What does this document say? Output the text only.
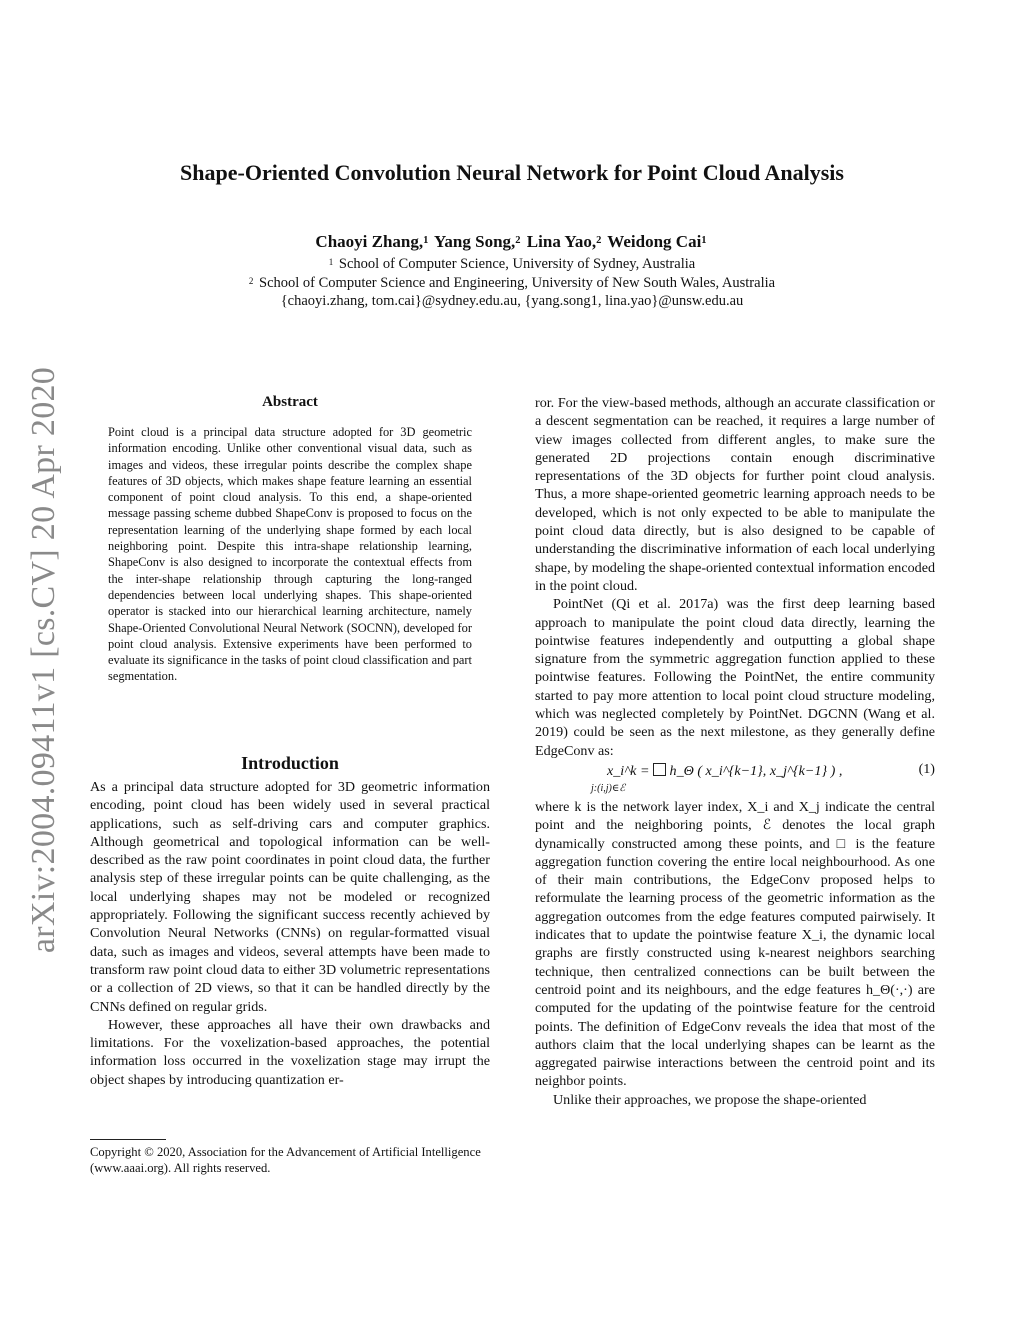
arXiv:2004.09411v1 [cs.CV] 20 Apr 2020
Shape-Oriented Convolution Neural Network for Point Cloud Analysis
Chaoyi Zhang,$^1$ Yang Song,$^2$ Lina Yao,$^2$ Weidong Cai$^1$
$^1$ School of Computer Science, University of Sydney, Australia
$^2$ School of Computer Science and Engineering, University of New South Wales, Australia
{chaoyi.zhang, tom.cai}@sydney.edu.au, {yang.song1, lina.yao}@unsw.edu.au
Abstract
Point cloud is a principal data structure adopted for 3D geometric information encoding. Unlike other conventional visual data, such as images and videos, these irregular points describe the complex shape features of 3D objects, which makes shape feature learning an essential component of point cloud analysis. To this end, a shape-oriented message passing scheme dubbed ShapeConv is proposed to focus on the representation learning of the underlying shape formed by each local neighboring point. Despite this intra-shape relationship learning, ShapeConv is also designed to incorporate the contextual effects from the inter-shape relationship through capturing the long-ranged dependencies between local underlying shapes. This shape-oriented operator is stacked into our hierarchical learning architecture, namely Shape-Oriented Convolutional Neural Network (SOCNN), developed for point cloud analysis. Extensive experiments have been performed to evaluate its significance in the tasks of point cloud classification and part segmentation.
Introduction

As a principal data structure adopted for 3D geometric information encoding, point cloud has been widely used in several practical applications, such as self-driving cars and computer graphics. Although geometrical and topological information can be well-described as the raw point coordinates in point cloud data, the further analysis step of these irregular points can be quite challenging, as the local underlying shapes may not be modeled or recognized appropriately. Following the significant success recently achieved by Convolution Neural Networks (CNNs) on regular-formatted visual data, such as images and videos, several attempts have been made to transform raw point cloud data to either 3D volumetric representations or a collection of 2D views, so that it can be handled directly by the CNNs defined on regular grids.

However, these approaches all have their own drawbacks and limitations. For the voxelization-based approaches, the potential information loss occurred in the voxelization stage may irrupt the object shapes by introducing quantization er-

Copyright © 2020, Association for the Advancement of Artificial Intelligence (www.aaai.org). All rights reserved.

ror. For the view-based methods, although an accurate classification or a descent segmentation can be reached, it requires a large number of view images collected from different angles, to make sure the generated 2D projections contain enough discriminative representations of the 3D objects for further point cloud analysis. Thus, a more shape-oriented geometric learning approach needs to be developed, which is not only expected to be able to manipulate the point cloud data directly, but is also designed to be capable of understanding the discriminative information of each local underlying shape, by modeling the shape-oriented contextual information encoded in the point cloud.

PointNet (Qi et al. 2017a) was the first deep learning based approach to manipulate the point cloud data directly, learning the pointwise features independently and outputting a global shape signature from the symmetric aggregation function applied to these pointwise features. Following the PointNet, the entire community started to pay more attention to local point cloud structure modeling, which was neglected completely by PointNet. DGCNN (Wang et al. 2019) could be seen as the next milestone, as they generally define EdgeConv as:

x_i^k = h_Θ ( x_i^{k−1}, x_j^{k−1} ) ,
j:(i,j)∈ℰ
(1)

where k is the network layer index, X_i and X_j indicate the central point and the neighboring points, ℰ denotes the local graph dynamically constructed among these points, and □ is the feature aggregation function covering the entire local neighbourhood. As one of their main contributions, the EdgeConv proposed helps to reformulate the learning process of the geometric information as the aggregation outcomes from the edge features computed pairwisely. It indicates that to update the pointwise feature X_i, the dynamic local graphs are firstly constructed using k-nearest neighbors searching technique, then centralized connections can be built between the centroid point and its neighbours, and the edge features h_Θ(·,·) are computed for the updating of the pointwise feature for the centroid points. The definition of EdgeConv reveals the idea that most of the authors claim that the local underlying shapes can be learnt as the aggregated pairwise interactions between the centroid point and its neighbor points.

Unlike their approaches, we propose the shape-oriented
